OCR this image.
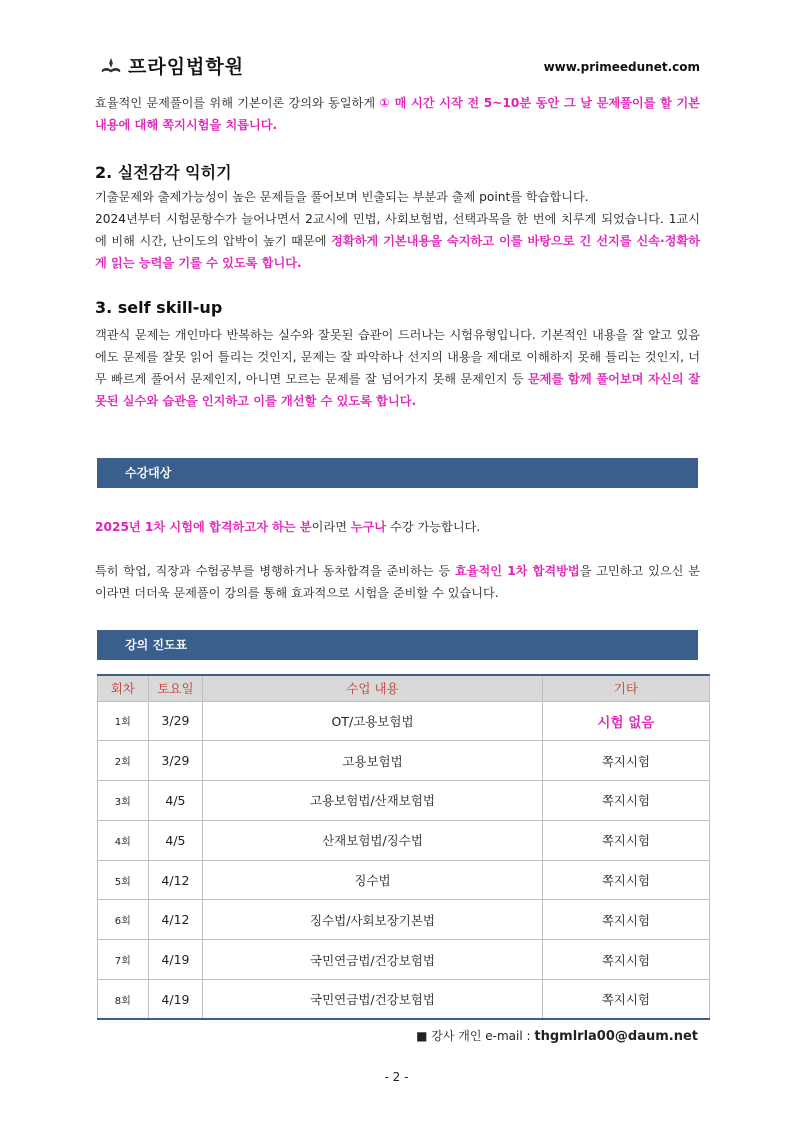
프라임법학원	www.primeedunet.com
효율적인 문제풀이를 위해 기본이론 강의와 동일하게 ① 매 시간 시작 전 5~10분 동안 그 날 문제풀이를 할 기본내용에 대해 쪽지시험을 치릅니다.
2. 실전감각 익히기
기출문제와 출제가능성이 높은 문제들을 풀어보며 빈출되는 부분과 출제 point를 학습합니다.
2024년부터 시험문항수가 늘어나면서 2교시에 민법, 사회보험법, 선택과목을 한 번에 치루게 되었습니다. 1교시에 비해 시간, 난이도의 압박이 높기 때문에 정확하게 기본내용을 숙지하고 이를 바탕으로 긴 선지를 신속·정확하게 읽는 능력을 기를 수 있도록 합니다.
3. self skill-up
객관식 문제는 개인마다 반복하는 실수와 잘못된 습관이 드러나는 시험유형입니다. 기본적인 내용을 잘 알고 있음에도 문제를 잘못 읽어 틀리는 것인지, 문제는 잘 파악하나 선지의 내용을 제대로 이해하지 못해 틀리는 것인지, 너무 빠르게 풀어서 문제인지, 아니면 모르는 문제를 잘 넘어가지 못해 문제인지 등 문제를 함께 풀어보며 자신의 잘못된 실수와 습관을 인지하고 이를 개선할 수 있도록 합니다.
수강대상
2025년 1차 시험에 합격하고자 하는 분이라면 누구나 수강 가능합니다.
특히 학업, 직장과 수험공부를 병행하거나 동차합격을 준비하는 등 효율적인 1차 합격방법을 고민하고 있으신 분이라면 더더욱 문제풀이 강의를 통해 효과적으로 시험을 준비할 수 있습니다.
강의 진도표
회차	토요일	수업 내용	기타
1회	3/29	OT/고용보험법	시험 없음
2회	3/29	고용보험법	쪽지시험
3회	4/5	고용보험법/산재보험법	쪽지시험
4회	4/5	산재보험법/징수법	쪽지시험
5회	4/12	징수법	쪽지시험
6회	4/12	징수법/사회보장기본법	쪽지시험
7회	4/19	국민연금법/건강보험법	쪽지시험
8회	4/19	국민연금법/건강보험법	쪽지시험
■ 강사 개인 e-mail : thgmlrla00@daum.net
- 2 -
